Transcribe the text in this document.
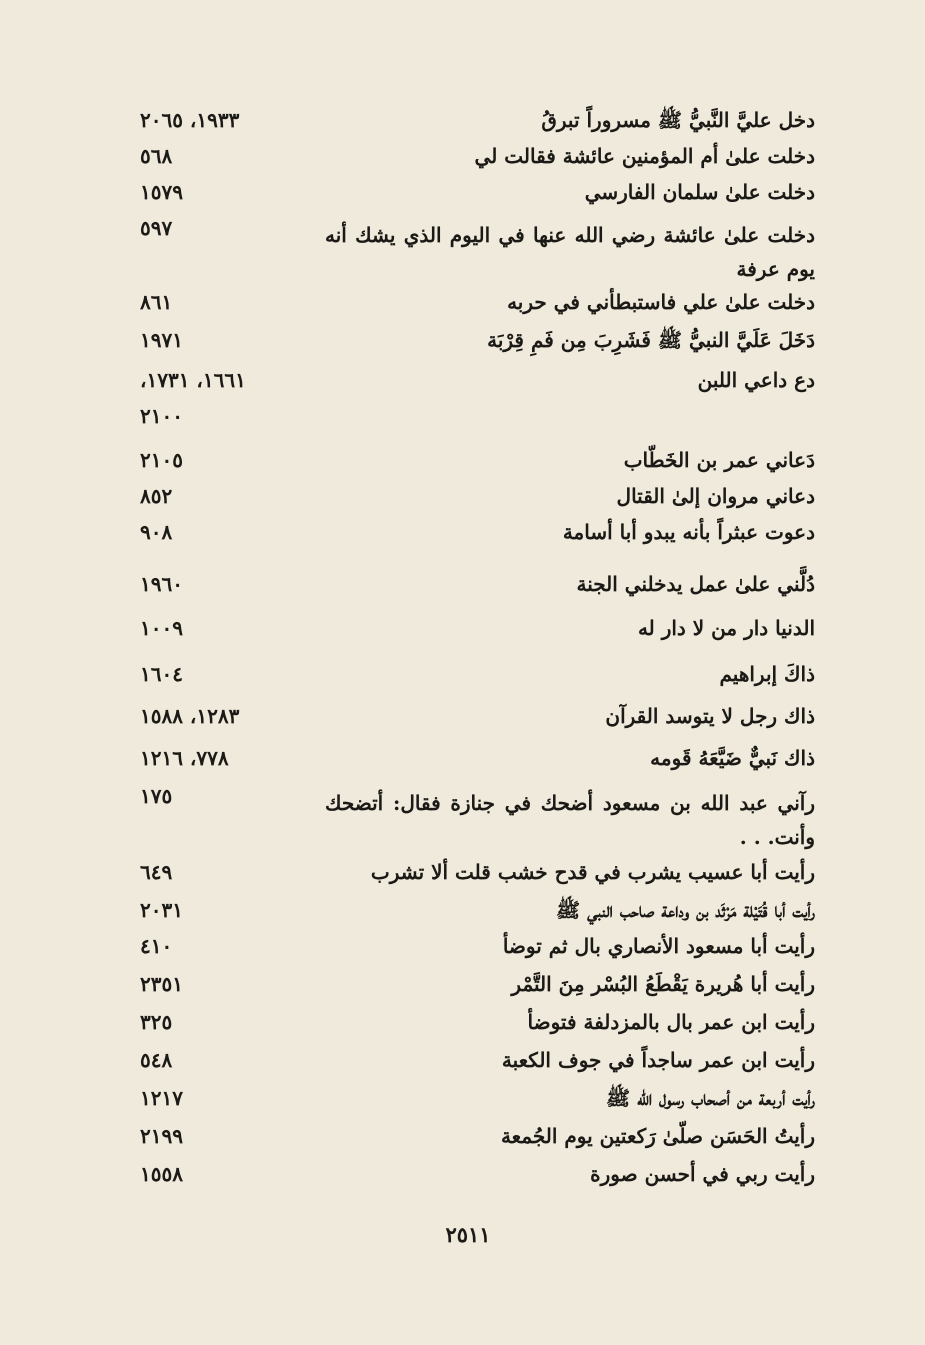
دخل عليَّ النَّبيُّ ﷺ مسروراً تبرقُ
١٩٣٣، ٢٠٦٥
دخلت علىٰ أم المؤمنين عائشة فقالت لي
٥٦٨
دخلت علىٰ سلمان الفارسي
١٥٧٩
دخلت علىٰ عائشة رضي الله عنها في اليوم الذي يشك أنه يوم عرفة
٥٩٧
دخلت علىٰ علي فاستبطأني في حربه
٨٦١
دَخَلَ عَلَيَّ النبيُّ ﷺ فَشَرِبَ مِن فَمِ قِرْبَة
١٩٧١
دع داعي اللبن
١٦٦١، ١٧٣١،
٢١٠٠
دَعاني عمر بن الخَطّاب
٢١٠٥
دعاني مروان إلىٰ القتال
٨٥٢
دعوت عبثراً بأنه يبدو أبا أسامة
٩٠٨
دُلَّني علىٰ عمل يدخلني الجنة
١٩٦٠
الدنيا دار من لا دار له
١٠٠٩
ذاكَ إبراهيم
١٦٠٤
ذاك رجل لا يتوسد القرآن
١٢٨٣، ١٥٨٨
ذاك نَبيٌّ ضَيَّعَهُ قَومه
٧٧٨، ١٢١٦
رآني عبد الله بن مسعود أضحك في جنازة فقال: أتضحك وأنت. . .
١٧٥
رأيت أبا عسيب يشرب في قدح خشب قلت ألا تشرب
٦٤٩
رأيت أبا قُتَيْلة مَرْثَد بن وداعة صاحب النبي ﷺ
٢٠٣١
رأيت أبا مسعود الأنصاري بال ثم توضأ
٤١٠
رأيت أبا هُريرة يَقْطَعُ البُسْر مِنَ التَّمْر
٢٣٥١
رأيت ابن عمر بال بالمزدلفة فتوضأ
٣٢٥
رأيت ابن عمر ساجداً في جوف الكعبة
٥٤٨
رأيت أربعة من أصحاب رسول الله ﷺ
١٢١٧
رأيتُ الحَسَن صلّىٰ رَكعتين يوم الجُمعة
٢١٩٩
رأيت ربي في أحسن صورة
١٥٥٨
٢٥١١
